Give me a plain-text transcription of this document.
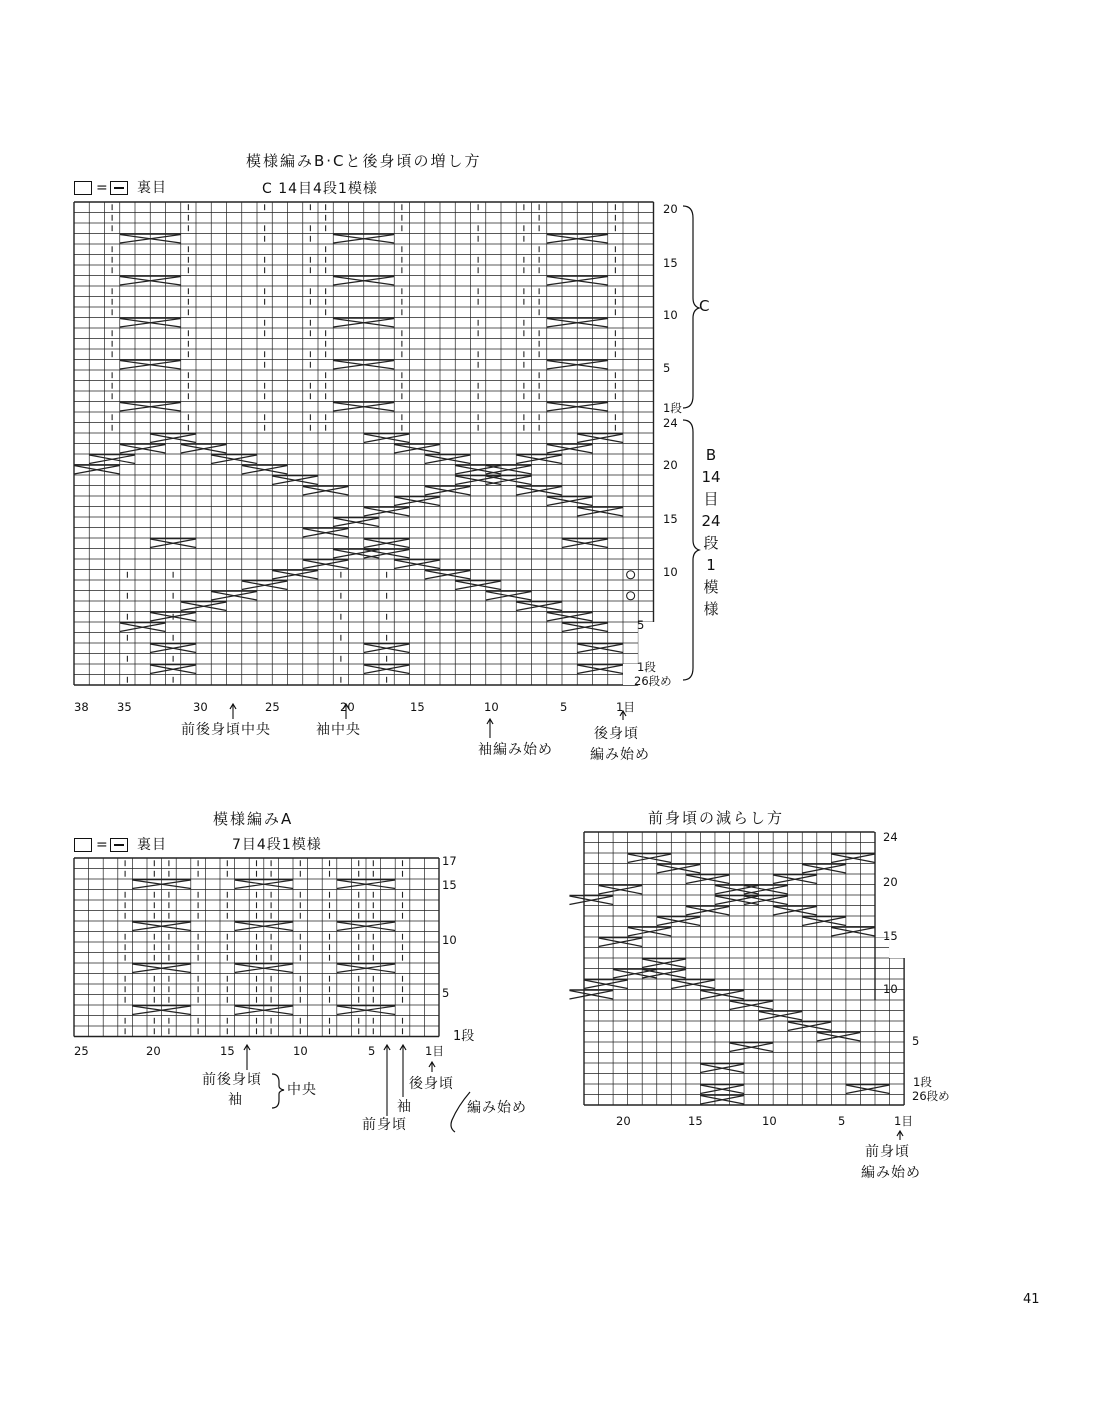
模様編みB·Cと後身頃の増し方
= 裏目	C 14目4段1模様
20
15
10
5
1段
24
20
15
10
5
1段
26段め
C
B
14
目
24
段
1
模
様
38 35	30	25	20	15	10	5	1目
前後身頃中央	袖中央
袖編み始め
後身頃
編み始め
模様編みA
= 裏目	7目4段1模様
17
15
10
5
1段
25	20	15	10	5	1目
前後身頃
袖
中央	後身頃
袖
前身頃
編み始め
前身頃の減らし方
24
20
15
10
5
1段
26段め
20	15	10	5	1目
前身頃
編み始め
41
